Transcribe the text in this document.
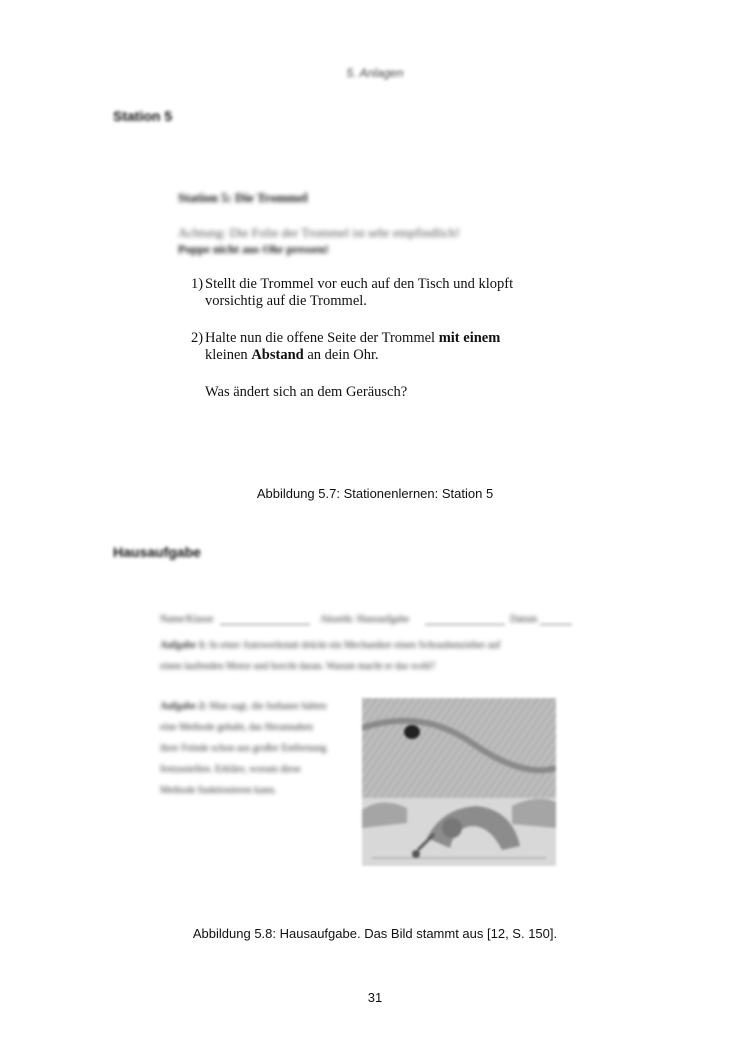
5. Anlagen
Station 5
Station 5: Die Trommel
Achtung: Die Folie der Trommel ist sehr empfindlich!
Poppe nicht aus Ohr pressen!
1) Stellt die Trommel vor euch auf den Tisch und klopft
vorsichtig auf die Trommel.
2) Halte nun die offene Seite der Trommel mit einem
kleinen Abstand an dein Ohr.
Was ändert sich an dem Geräusch?
Abbildung 5.7: Stationenlernen: Station 5
Hausaufgabe
Name/Klasse	Akustik: Hausaufgabe	Datum
Aufgabe 1: In einer Autowerkstatt drückt ein Mechaniker einen Schraubenzieher auf
einen laufenden Motor und horcht daran. Warum macht er das wohl?
Aufgabe 2: Man sagt, die Indianer hätten
eine Methode gehabt, das Herannahen
ihrer Feinde schon aus großer Entfernung
festzustellen. Erkläre, worum diese
Methode funktionieren kann.
Abbildung 5.8: Hausaufgabe. Das Bild stammt aus [12, S. 150].
31
